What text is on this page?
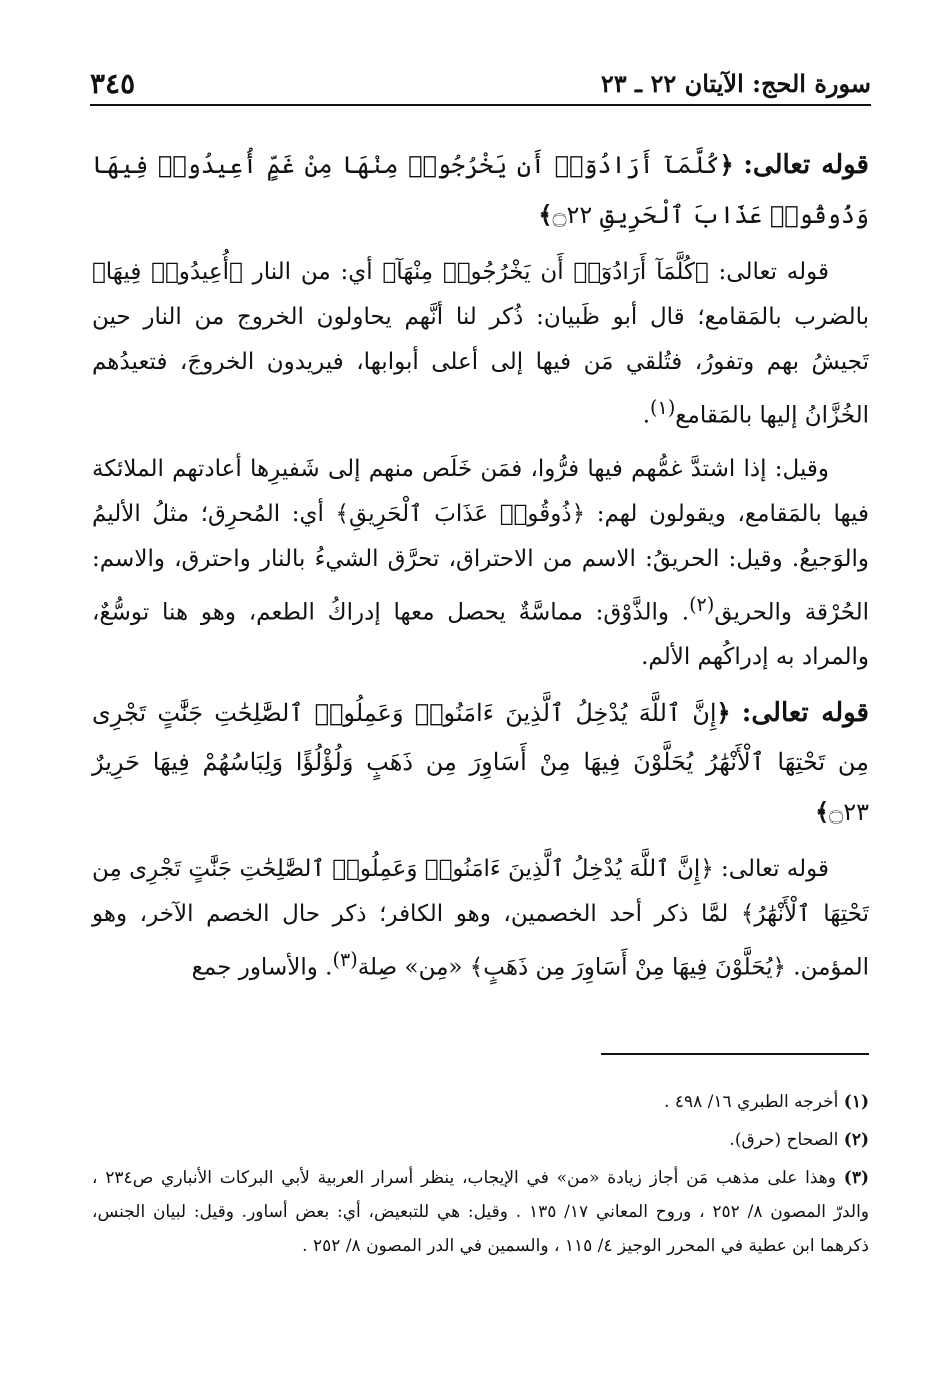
سورة الحج: الآيتان ٢٢ ـ ٢٣
٣٤٥

قوله تعالى: ﴿كُلَّمَآ أَرَادُوٓا۟ أَن يَخْرُجُوا۟ مِنْهَا مِنْ غَمٍّ أُعِيدُوا۟ فِيهَا وَذُوقُوا۟ عَذَابَ ٱلْحَرِيقِ ۝٢٢﴾

قوله تعالى: ﴿كُلَّمَآ أَرَادُوٓا۟ أَن يَخْرُجُوا۟ مِنْهَآ﴾ أي: من النار ﴿أُعِيدُوا۟ فِيهَا﴾ بالضرب بالمَقامع؛ قال أبو ظَبيان: ذُكر لنا أنَّهم يحاولون الخروج من النار حين تَجيشُ بهم وتفورُ، فتُلقي مَن فيها إلى أعلى أبوابها، فيريدون الخروجَ، فتعيدُهم الخُزَّانُ إليها بالمَقامع$^{(١)}$.

وقيل: إذا اشتدَّ غمُّهم فيها فرُّوا، فمَن خَلَص منهم إلى شَفيرِها أعادتهم الملائكة فيها بالمَقامع، ويقولون لهم: ﴿ذُوقُوا۟ عَذَابَ ٱلْحَرِيقِ﴾ أي: المُحرِق؛ مثلُ الأليمُ والوَجيعُ. وقيل: الحريقُ: الاسم من الاحتراق، تحرَّق الشيءُ بالنار واحترق، والاسم: الحُرْقة والحريق$^{(٢)}$. والذَّوْق: مماسَّةٌ يحصل معها إدراكُ الطعم، وهو هنا توسُّعٌ، والمراد به إدراكُهم الألم.

قوله تعالى: ﴿إِنَّ ٱللَّهَ يُدْخِلُ ٱلَّذِينَ ءَامَنُوا۟ وَعَمِلُوا۟ ٱلصَّٰلِحَٰتِ جَنَّٰتٍ تَجْرِى مِن تَحْتِهَا ٱلْأَنْهَٰرُ يُحَلَّوْنَ فِيهَا مِنْ أَسَاوِرَ مِن ذَهَبٍ وَلُؤْلُؤًا وَلِبَاسُهُمْ فِيهَا حَرِيرٌ ۝٢٣﴾

قوله تعالى: ﴿إِنَّ ٱللَّهَ يُدْخِلُ ٱلَّذِينَ ءَامَنُوا۟ وَعَمِلُوا۟ ٱلصَّٰلِحَٰتِ جَنَّٰتٍ تَجْرِى مِن تَحْتِهَا ٱلْأَنْهَٰرُ﴾ لمَّا ذكر أحد الخصمين، وهو الكافر؛ ذكر حال الخصم الآخر، وهو المؤمن. ﴿يُحَلَّوْنَ فِيهَا مِنْ أَسَاوِرَ مِن ذَهَبٍ﴾ «مِن» صِلة$^{(٣)}$. والأساور جمع

(١) أخرجه الطبري ١٦/ ٤٩٨ .

(٢) الصحاح (حرق).

(٣) وهذا على مذهب مَن أجاز زيادة «من» في الإيجاب، ينظر أسرار العربية لأبي البركات الأنباري ص٢٣٤ ، والدرّ المصون ٨/ ٢٥٢ ، وروح المعاني ١٧/ ١٣٥ . وقيل: هي للتبعيض، أي: بعض أساور. وقيل: لبيان الجنس، ذكرهما ابن عطية في المحرر الوجيز ٤/ ١١٥ ، والسمين في الدر المصون ٨/ ٢٥٢ .
